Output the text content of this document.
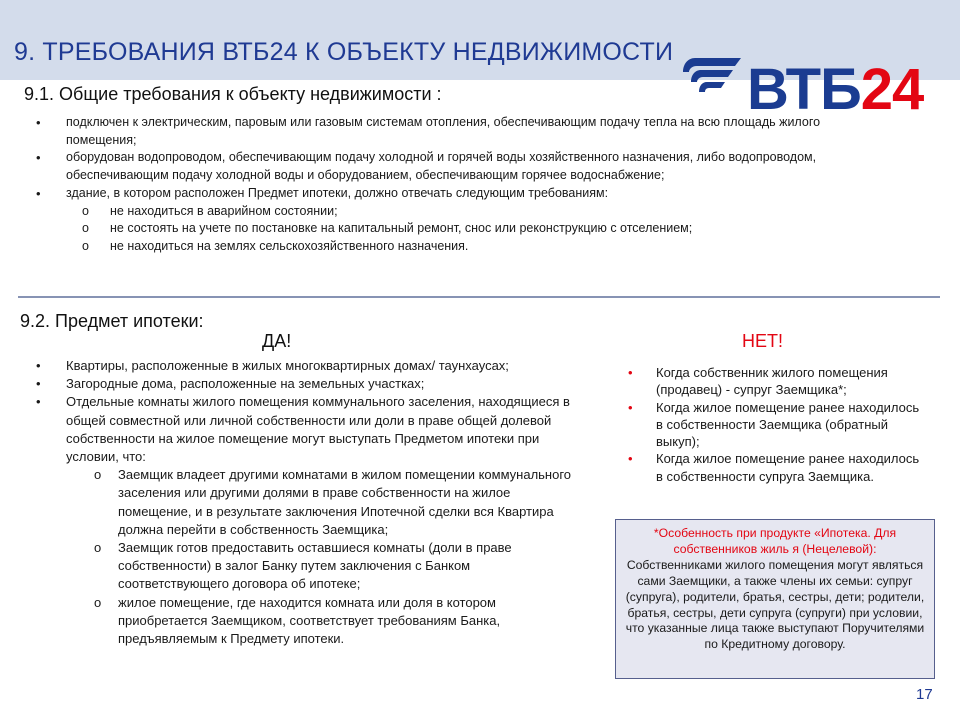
9. ТРЕБОВАНИЯ ВТБ24 К ОБЪЕКТУ НЕДВИЖИМОСТИ
ВТБ24
9.1. Общие требования к объекту недвижимости :
• подключен к электрическим, паровым или газовым системам отопления, обеспечивающим подачу тепла на всю площадь жилого помещения;
• оборудован водопроводом, обеспечивающим подачу холодной и горячей воды хозяйственного назначения, либо водопроводом, обеспечивающим подачу холодной воды и оборудованием, обеспечивающим горячее водоснабжение;
• здание, в котором расположен Предмет ипотеки, должно отвечать следующим требованиям:
o не находиться в аварийном состоянии;
o не состоять на учете по постановке на капитальный ремонт, снос или реконструкцию с отселением;
o не находиться на землях сельскохозяйственного назначения.
9.2. Предмет ипотеки:
ДА!	НЕТ!
• Квартиры, расположенные в жилых многоквартирных домах/ таунхаусах;
• Загородные дома, расположенные на земельных участках;
• Отдельные комнаты жилого помещения коммунального заселения, находящиеся в общей совместной или личной собственности или доли в праве общей долевой собственности на жилое помещение могут выступать Предметом ипотеки при условии, что:
o Заемщик владеет другими комнатами в жилом помещении коммунального заселения или другими долями в праве собственности на жилое помещение, и в результате заключения Ипотечной сделки вся Квартира должна перейти в собственность Заемщика;
o Заемщик готов предоставить оставшиеся комнаты (доли в праве собственности) в залог Банку путем заключения с Банком соответствующего договора об ипотеке;
o жилое помещение, где находится комната или доля в котором приобретается Заемщиком, соответствует требованиям Банка, предъявляемым к Предмету ипотеки.
• Когда собственник жилого помещения (продавец) - супруг Заемщика*;
• Когда жилое помещение ранее находилось в собственности Заемщика (обратный выкуп);
• Когда жилое помещение ранее находилось в собственности супруга Заемщика.
*Особенность при продукте «Ипотека. Для собственников жиль я (Нецелевой):
Собственниками жилого помещения могут являться сами Заемщики, а также члены их семьи: супруг (супруга), родители, братья, сестры, дети; родители, братья, сестры, дети супруга (супруги) при условии, что указанные лица также выступают Поручителями по Кредитному договору.
17
